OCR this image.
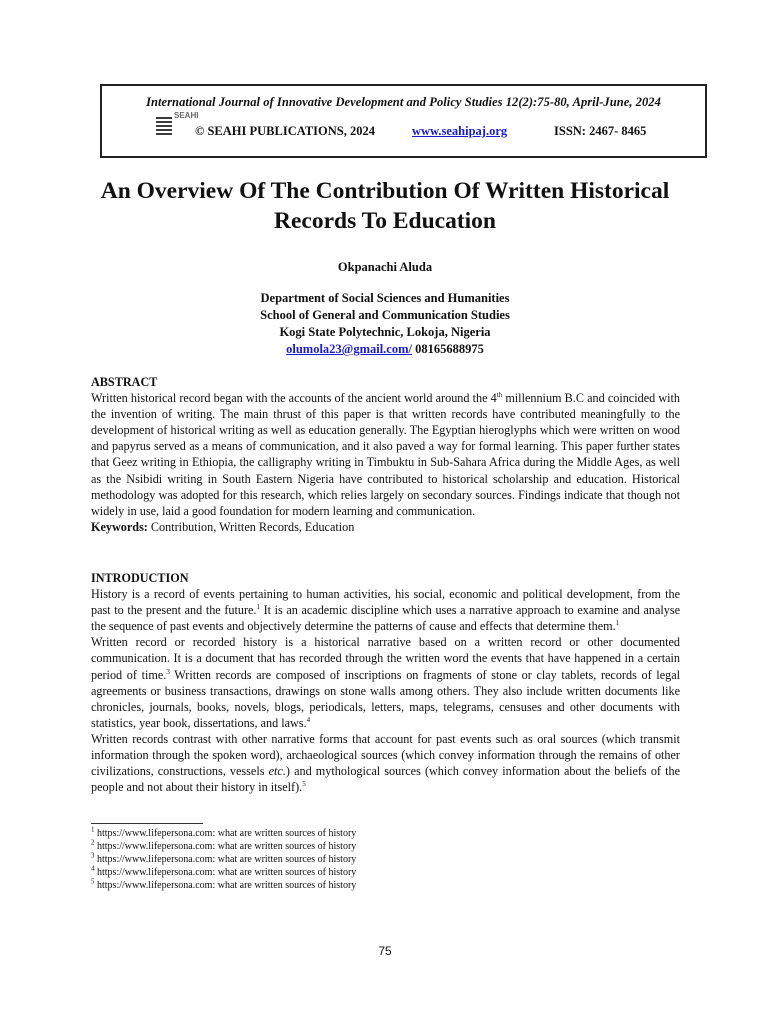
International Journal of Innovative Development and Policy Studies 12(2):75-80, April-June, 2024
SEAHI
© SEAHI PUBLICATIONS, 2024	www.seahipaj.org	ISSN: 2467- 8465
An Overview Of The Contribution Of Written Historical Records To Education
Okpanachi Aluda
Department of Social Sciences and Humanities
School of General and Communication Studies
Kogi State Polytechnic, Lokoja, Nigeria
olumola23@gmail.com/ 08165688975
ABSTRACT
Written historical record began with the accounts of the ancient world around the 4th millennium B.C and coincided with the invention of writing. The main thrust of this paper is that written records have contributed meaningfully to the development of historical writing as well as education generally. The Egyptian hieroglyphs which were written on wood and papyrus served as a means of communication, and it also paved a way for formal learning. This paper further states that Geez writing in Ethiopia, the calligraphy writing in Timbuktu in Sub-Sahara Africa during the Middle Ages, as well as the Nsibidi writing in South Eastern Nigeria have contributed to historical scholarship and education. Historical methodology was adopted for this research, which relies largely on secondary sources. Findings indicate that though not widely in use, laid a good foundation for modern learning and communication.
Keywords: Contribution, Written Records, Education
INTRODUCTION
History is a record of events pertaining to human activities, his social, economic and political development, from the past to the present and the future.$^1$ It is an academic discipline which uses a narrative approach to examine and analyse the sequence of past events and objectively determine the patterns of cause and effects that determine them.$^1$
Written record or recorded history is a historical narrative based on a written record or other documented communication. It is a document that has recorded through the written word the events that have happened in a certain period of time.$^3$ Written records are composed of inscriptions on fragments of stone or clay tablets, records of legal agreements or business transactions, drawings on stone walls among others. They also include written documents like chronicles, journals, books, novels, blogs, periodicals, letters, maps, telegrams, censuses and other documents with statistics, year book, dissertations, and laws.$^4$
Written records contrast with other narrative forms that account for past events such as oral sources (which transmit information through the spoken word), archaeological sources (which convey information through the remains of other civilizations, constructions, vessels etc.) and mythological sources (which convey information about the beliefs of the people and not about their history in itself).$^5$
$^1$ https://www.lifepersona.com: what are written sources of history
$^2$ https://www.lifepersona.com: what are written sources of history
$^3$ https://www.lifepersona.com: what are written sources of history
$^4$ https://www.lifepersona.com: what are written sources of history
$^5$ https://www.lifepersona.com: what are written sources of history
75
